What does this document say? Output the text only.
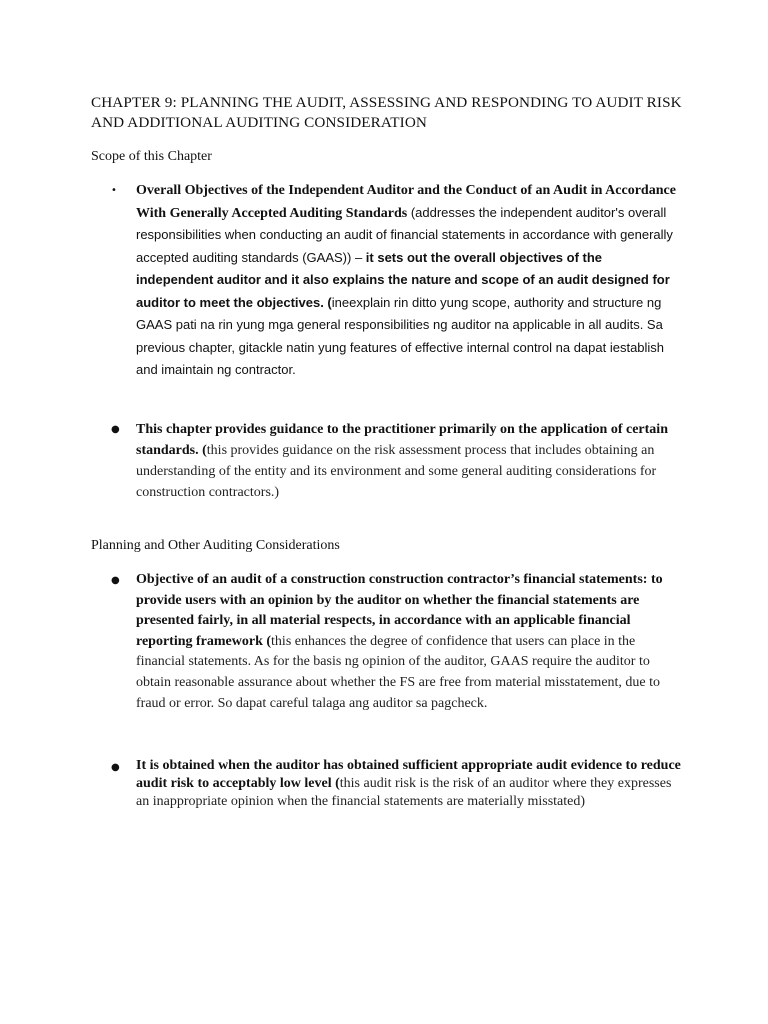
CHAPTER 9: PLANNING THE AUDIT, ASSESSING AND RESPONDING TO AUDIT RISK AND ADDITIONAL AUDITING CONSIDERATION
Scope of this Chapter
• Overall Objectives of the Independent Auditor and the Conduct of an Audit in Accordance With Generally Accepted Auditing Standards (addresses the independent auditor's overall responsibilities when conducting an audit of financial statements in accordance with generally accepted auditing standards (GAAS)) – it sets out the overall objectives of the independent auditor and it also explains the nature and scope of an audit designed for auditor to meet the objectives. (ineexplain rin ditto yung scope, authority and structure ng GAAS pati na rin yung mga general responsibilities ng auditor na applicable in all audits. Sa previous chapter, gitackle natin yung features of effective internal control na dapat iestablish and imaintain ng contractor.
● This chapter provides guidance to the practitioner primarily on the application of certain standards. (this provides guidance on the risk assessment process that includes obtaining an understanding of the entity and its environment and some general auditing considerations for construction contractors.)
Planning and Other Auditing Considerations
● Objective of an audit of a construction construction contractor’s financial statements: to provide users with an opinion by the auditor on whether the financial statements are presented fairly, in all material respects, in accordance with an applicable financial reporting framework (this enhances the degree of confidence that users can place in the financial statements. As for the basis ng opinion of the auditor, GAAS require the auditor to obtain reasonable assurance about whether the FS are free from material misstatement, due to fraud or error. So dapat careful talaga ang auditor sa pagcheck.
● It is obtained when the auditor has obtained sufficient appropriate audit evidence to reduce audit risk to acceptably low level (this audit risk is the risk of an auditor where they expresses an inappropriate opinion when the financial statements are materially misstated)
